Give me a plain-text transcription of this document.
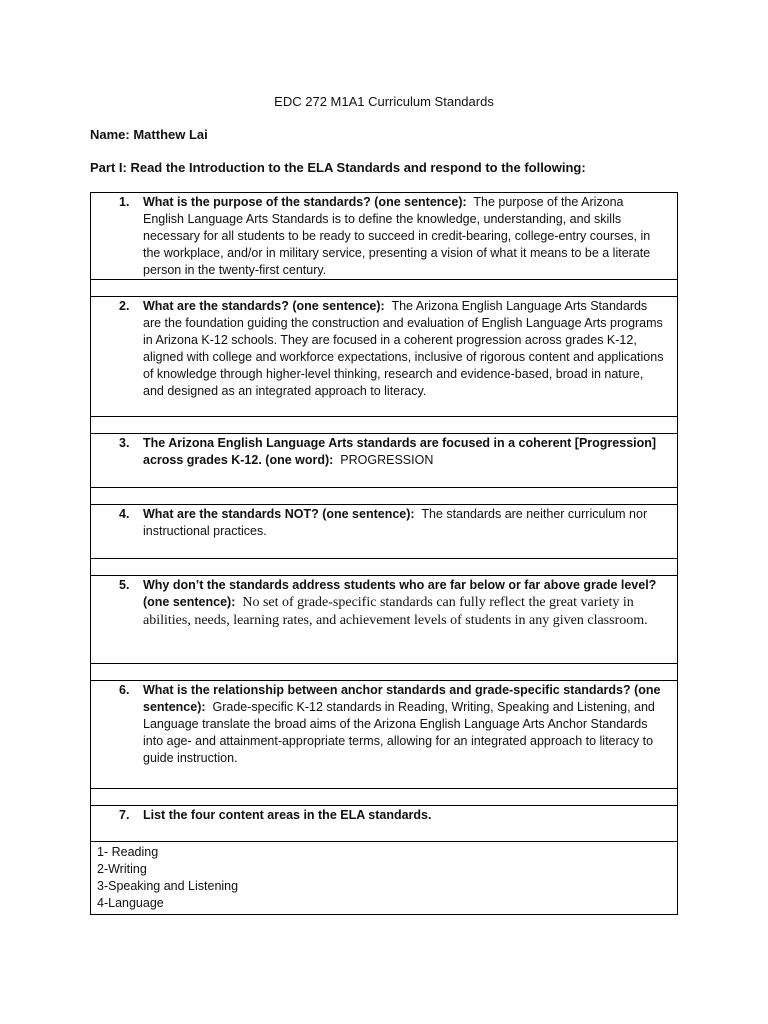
EDC 272 M1A1 Curriculum Standards
Name: Matthew Lai
Part I: Read the Introduction to the ELA Standards and respond to the following:
1. What is the purpose of the standards? (one sentence): The purpose of the Arizona English Language Arts Standards is to define the knowledge, understanding, and skills necessary for all students to be ready to succeed in credit-bearing, college-entry courses, in the workplace, and/or in military service, presenting a vision of what it means to be a literate person in the twenty-first century.

2. What are the standards? (one sentence): The Arizona English Language Arts Standards are the foundation guiding the construction and evaluation of English Language Arts programs in Arizona K-12 schools. They are focused in a coherent progression across grades K-12, aligned with college and workforce expectations, inclusive of rigorous content and applications of knowledge through higher-level thinking, research and evidence-based, broad in nature, and designed as an integrated approach to literacy.

3. The Arizona English Language Arts standards are focused in a coherent [Progression] across grades K-12. (one word): PROGRESSION

4. What are the standards NOT? (one sentence): The standards are neither curriculum nor instructional practices.

5. Why don’t the standards address students who are far below or far above grade level? (one sentence): No set of grade-specific standards can fully reflect the great variety in abilities, needs, learning rates, and achievement levels of students in any given classroom.

6. What is the relationship between anchor standards and grade-specific standards? (one sentence): Grade-specific K-12 standards in Reading, Writing, Speaking and Listening, and Language translate the broad aims of the Arizona English Language Arts Anchor Standards into age- and attainment-appropriate terms, allowing for an integrated approach to literacy to guide instruction.

7. List the four content areas in the ELA standards.

1- Reading
2-Writing
3-Speaking and Listening
4-Language
